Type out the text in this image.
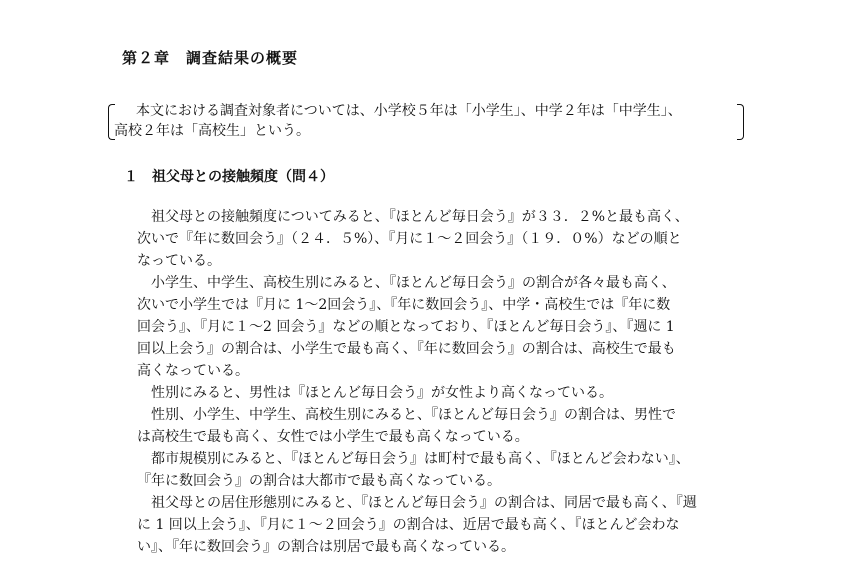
第２章　調査結果の概要
本文における調査対象者については、小学校５年は「小学生」、中学２年は「中学生」、
高校２年は「高校生」という。
１ 祖父母との接触頻度（問４）
祖父母との接触頻度についてみると、『ほとんど毎日会う』が３３．２%と最も高く、
次いで『年に数回会う』（２４．５%）、『月に１～２回会う』（１９．０%）などの順と
なっている。
小学生、中学生、高校生別にみると、『ほとんど毎日会う』の割合が各々最も高く、
次いで小学生では『月に 1～2回会う』、『年に数回会う』、中学・高校生では『年に数
回会う』、『月に１～2 回会う』などの順となっており、『ほとんど毎日会う』、『週に 1
回以上会う』の割合は、小学生で最も高く、『年に数回会う』の割合は、高校生で最も
高くなっている。
性別にみると、男性は『ほとんど毎日会う』が女性より高くなっている。
性別、小学生、中学生、高校生別にみると、『ほとんど毎日会う』の割合は、男性で
は高校生で最も高く、女性では小学生で最も高くなっている。
都市規模別にみると、『ほとんど毎日会う』は町村で最も高く、『ほとんど会わない』、
『年に数回会う』の割合は大都市で最も高くなっている。
祖父母との居住形態別にみると、『ほとんど毎日会う』の割合は、同居で最も高く、『週
に 1 回以上会う』、『月に１～２回会う』の割合は、近居で最も高く、『ほとんど会わな
い』、『年に数回会う』の割合は別居で最も高くなっている。
